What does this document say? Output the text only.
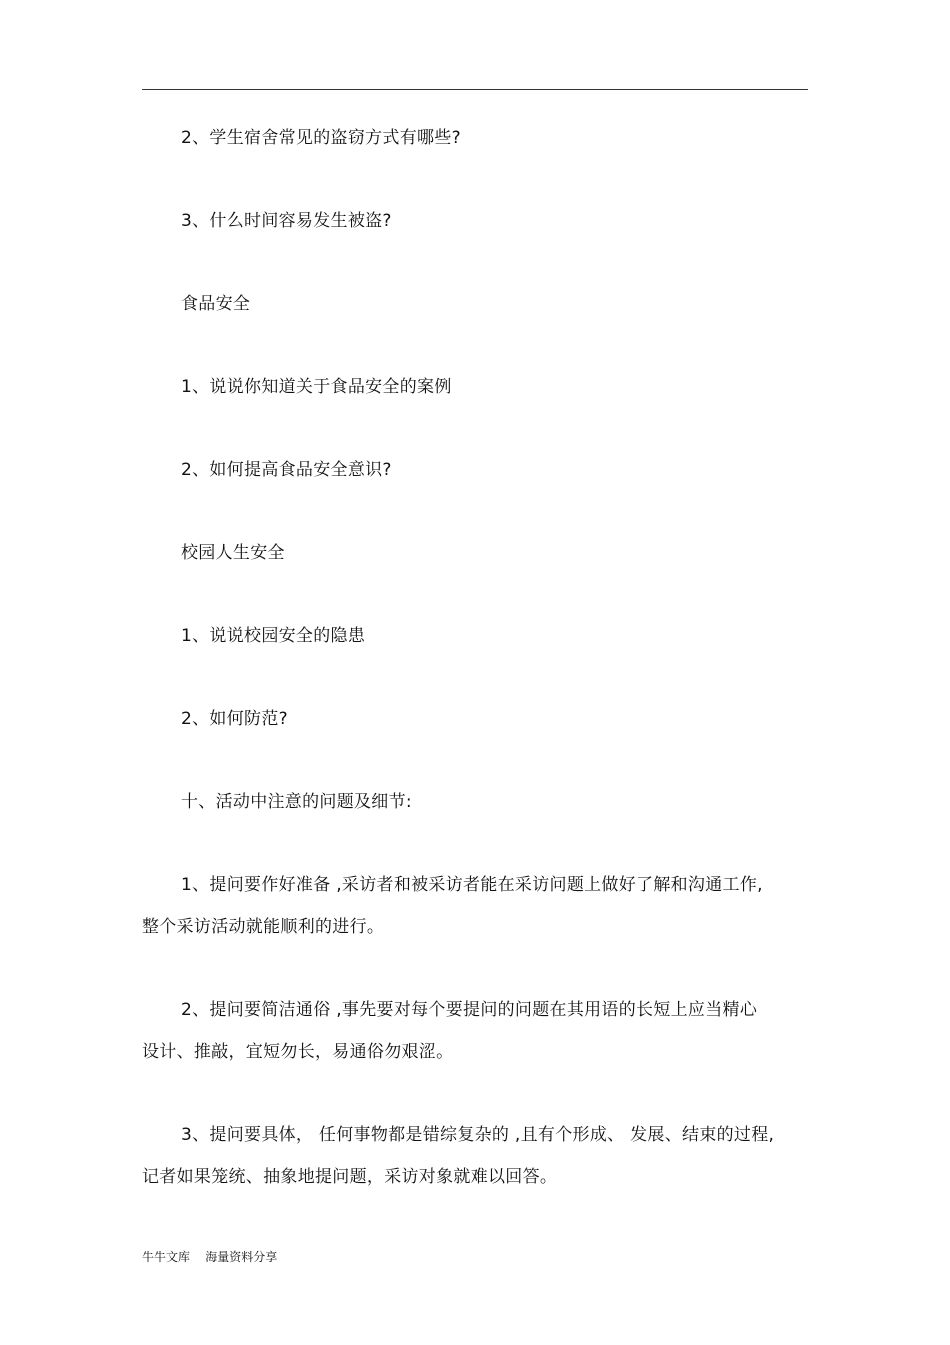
2、学生宿舍常见的盗窃方式有哪些?
3、什么时间容易发生被盗?
食品安全
1、说说你知道关于食品安全的案例
2、如何提高食品安全意识?
校园人生安全
1、说说校园安全的隐患
2、如何防范?
十、活动中注意的问题及细节:
1、提问要作好准备 ,采访者和被采访者能在采访问题上做好了解和沟通工作,
整个采访活动就能顺利的进行。
2、提问要简洁通俗 ,事先要对每个要提问的问题在其用语的长短上应当精心
设计、推敲，宜短勿长，易通俗勿艰涩。
3、提问要具体， 任何事物都是错综复杂的 ,且有个形成、 发展、结束的过程,
记者如果笼统、抽象地提问题，采访对象就难以回答。
牛牛文库    海量资料分享
